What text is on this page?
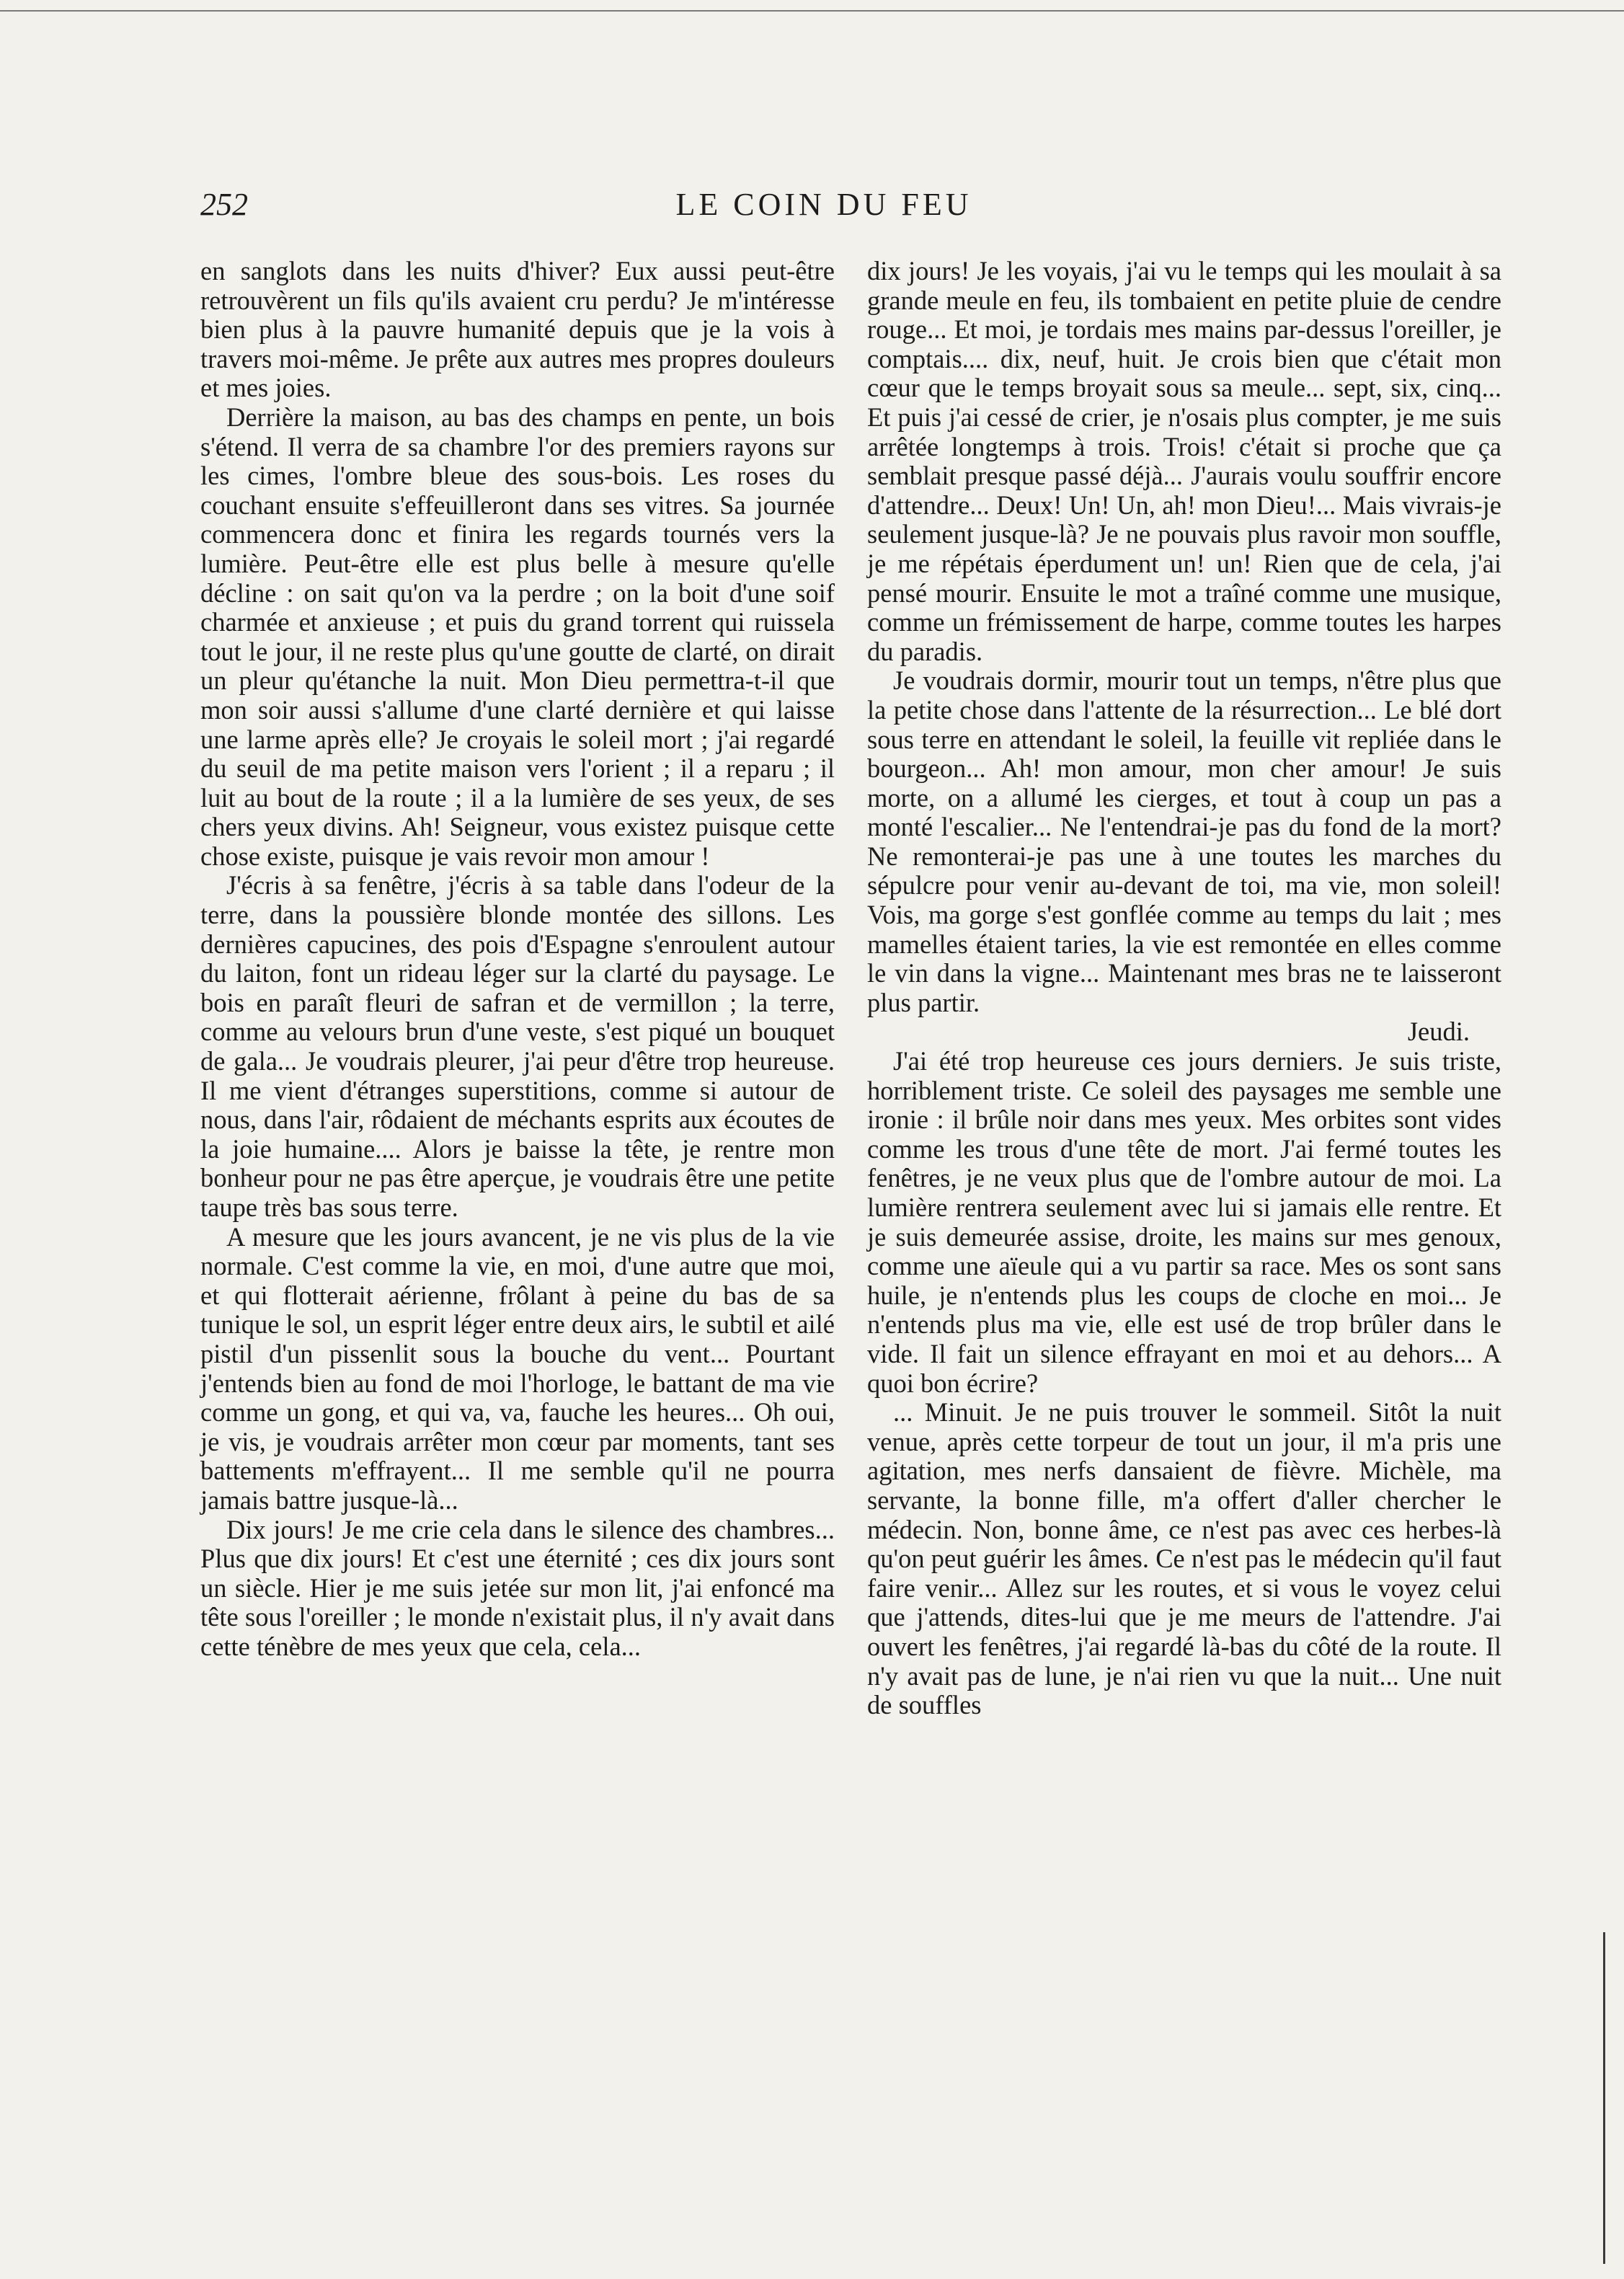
252	LE COIN DU FEU

en sanglots dans les nuits d'hiver? Eux aussi peut-être retrouvèrent un fils qu'ils avaient cru perdu? Je m'intéresse bien plus à la pauvre humanité depuis que je la vois à travers moi-même. Je prête aux autres mes propres douleurs et mes joies.

Derrière la maison, au bas des champs en pente, un bois s'étend. Il verra de sa chambre l'or des premiers rayons sur les cimes, l'ombre bleue des sous-bois. Les roses du couchant ensuite s'effeuilleront dans ses vitres. Sa journée commencera donc et finira les regards tournés vers la lumière. Peut-être elle est plus belle à mesure qu'elle décline : on sait qu'on va la perdre ; on la boit d'une soif charmée et anxieuse ; et puis du grand torrent qui ruissela tout le jour, il ne reste plus qu'une goutte de clarté, on dirait un pleur qu'étanche la nuit. Mon Dieu permettra-t-il que mon soir aussi s'allume d'une clarté dernière et qui laisse une larme après elle? Je croyais le soleil mort ; j'ai regardé du seuil de ma petite maison vers l'orient ; il a reparu ; il luit au bout de la route ; il a la lumière de ses yeux, de ses chers yeux divins. Ah! Seigneur, vous existez puisque cette chose existe, puisque je vais revoir mon amour !

J'écris à sa fenêtre, j'écris à sa table dans l'odeur de la terre, dans la poussière blonde montée des sillons. Les dernières capucines, des pois d'Espagne s'enroulent autour du laiton, font un rideau léger sur la clarté du paysage. Le bois en paraît fleuri de safran et de vermillon ; la terre, comme au velours brun d'une veste, s'est piqué un bouquet de gala... Je voudrais pleurer, j'ai peur d'être trop heureuse. Il me vient d'étranges superstitions, comme si autour de nous, dans l'air, rôdaient de méchants esprits aux écoutes de la joie humaine.... Alors je baisse la tête, je rentre mon bonheur pour ne pas être aperçue, je voudrais être une petite taupe très bas sous terre.

A mesure que les jours avancent, je ne vis plus de la vie normale. C'est comme la vie, en moi, d'une autre que moi, et qui flotterait aérienne, frôlant à peine du bas de sa tunique le sol, un esprit léger entre deux airs, le subtil et ailé pistil d'un pissenlit sous la bouche du vent... Pourtant j'entends bien au fond de moi l'horloge, le battant de ma vie comme un gong, et qui va, va, fauche les heures... Oh oui, je vis, je voudrais arrêter mon cœur par moments, tant ses battements m'effrayent... Il me semble qu'il ne pourra jamais battre jusque-là...

Dix jours! Je me crie cela dans le silence des chambres... Plus que dix jours! Et c'est une éternité ; ces dix jours sont un siècle. Hier je me suis jetée sur mon lit, j'ai enfoncé ma tête sous l'oreiller ; le monde n'existait plus, il n'y avait dans cette ténèbre de mes yeux que cela, cela...

dix jours! Je les voyais, j'ai vu le temps qui les moulait à sa grande meule en feu, ils tombaient en petite pluie de cendre rouge... Et moi, je tordais mes mains par-dessus l'oreiller, je comptais.... dix, neuf, huit. Je crois bien que c'était mon cœur que le temps broyait sous sa meule... sept, six, cinq... Et puis j'ai cessé de crier, je n'osais plus compter, je me suis arrêtée longtemps à trois. Trois! c'était si proche que ça semblait presque passé déjà... J'aurais voulu souffrir encore d'attendre... Deux! Un! Un, ah! mon Dieu!... Mais vivrais-je seulement jusque-là? Je ne pouvais plus ravoir mon souffle, je me répétais éperdument un! un! Rien que de cela, j'ai pensé mourir. Ensuite le mot a traîné comme une musique, comme un frémissement de harpe, comme toutes les harpes du paradis.

Je voudrais dormir, mourir tout un temps, n'être plus que la petite chose dans l'attente de la résurrection... Le blé dort sous terre en attendant le soleil, la feuille vit repliée dans le bourgeon... Ah! mon amour, mon cher amour! Je suis morte, on a allumé les cierges, et tout à coup un pas a monté l'escalier... Ne l'entendrai-je pas du fond de la mort? Ne remonterai-je pas une à une toutes les marches du sépulcre pour venir au-devant de toi, ma vie, mon soleil! Vois, ma gorge s'est gonflée comme au temps du lait ; mes mamelles étaient taries, la vie est remontée en elles comme le vin dans la vigne... Maintenant mes bras ne te laisseront plus partir.

Jeudi.

J'ai été trop heureuse ces jours derniers. Je suis triste, horriblement triste. Ce soleil des paysages me semble une ironie : il brûle noir dans mes yeux. Mes orbites sont vides comme les trous d'une tête de mort. J'ai fermé toutes les fenêtres, je ne veux plus que de l'ombre autour de moi. La lumière rentrera seulement avec lui si jamais elle rentre. Et je suis demeurée assise, droite, les mains sur mes genoux, comme une aïeule qui a vu partir sa race. Mes os sont sans huile, je n'entends plus les coups de cloche en moi... Je n'entends plus ma vie, elle est usé de trop brûler dans le vide. Il fait un silence effrayant en moi et au dehors... A quoi bon écrire?

... Minuit. Je ne puis trouver le sommeil. Sitôt la nuit venue, après cette torpeur de tout un jour, il m'a pris une agitation, mes nerfs dansaient de fièvre. Michèle, ma servante, la bonne fille, m'a offert d'aller chercher le médecin. Non, bonne âme, ce n'est pas avec ces herbes-là qu'on peut guérir les âmes. Ce n'est pas le médecin qu'il faut faire venir... Allez sur les routes, et si vous le voyez celui que j'attends, dites-lui que je me meurs de l'attendre. J'ai ouvert les fenêtres, j'ai regardé là-bas du côté de la route. Il n'y avait pas de lune, je n'ai rien vu que la nuit... Une nuit de souffles
